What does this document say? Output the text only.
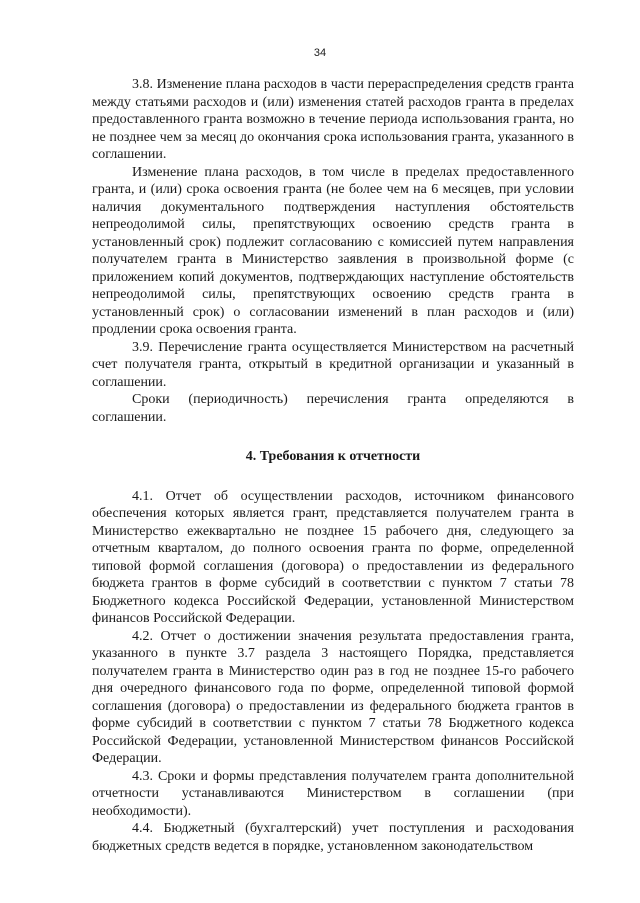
34

3.8. Изменение плана расходов в части перераспределения средств гранта между статьями расходов и (или) изменения статей расходов гранта в пределах предоставленного гранта возможно в течение периода использования гранта, но не позднее чем за месяц до окончания срока использования гранта, указанного в соглашении.

Изменение плана расходов, в том числе в пределах предоставленного гранта, и (или) срока освоения гранта (не более чем на 6 месяцев, при условии наличия документального подтверждения наступления обстоятельств непреодолимой силы, препятствующих освоению средств гранта в установленный срок) подлежит согласованию с комиссией путем направления получателем гранта в Министерство заявления в произвольной форме (с приложением копий документов, подтверждающих наступление обстоятельств непреодолимой силы, препятствующих освоению средств гранта в установленный срок) о согласовании изменений в план расходов и (или) продлении срока освоения гранта.

3.9. Перечисление гранта осуществляется Министерством на расчетный счет получателя гранта, открытый в кредитной организации и указанный в соглашении.

Сроки (периодичность) перечисления гранта определяются в соглашении.

4. Требования к отчетности

4.1. Отчет об осуществлении расходов, источником финансового обеспечения которых является грант, представляется получателем гранта в Министерство ежеквартально не позднее 15 рабочего дня, следующего за отчетным кварталом, до полного освоения гранта по форме, определенной типовой формой соглашения (договора) о предоставлении из федерального бюджета грантов в форме субсидий в соответствии с пунктом 7 статьи 78 Бюджетного кодекса Российской Федерации, установленной Министерством финансов Российской Федерации.

4.2. Отчет о достижении значения результата предоставления гранта, указанного в пункте 3.7 раздела 3 настоящего Порядка, представляется получателем гранта в Министерство один раз в год не позднее 15-го рабочего дня очередного финансового года по форме, определенной типовой формой соглашения (договора) о предоставлении из федерального бюджета грантов в форме субсидий в соответствии с пунктом 7 статьи 78 Бюджетного кодекса Российской Федерации, установленной Министерством финансов Российской Федерации.

4.3. Сроки и формы представления получателем гранта дополнительной отчетности устанавливаются Министерством в соглашении (при необходимости).

4.4. Бюджетный (бухгалтерский) учет поступления и расходования бюджетных средств ведется в порядке, установленном законодательством
